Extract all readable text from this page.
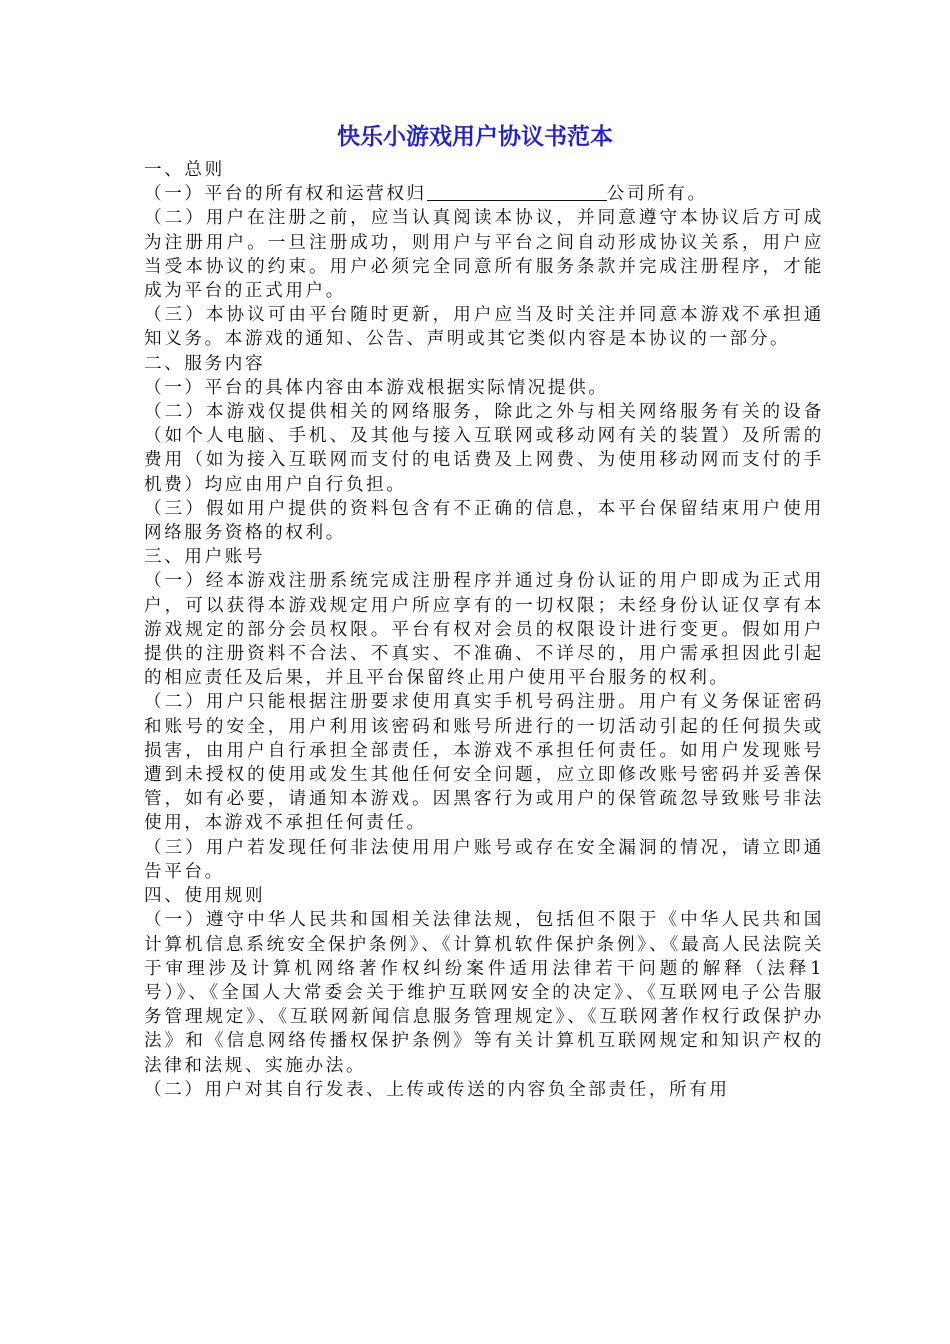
快乐小游戏用户协议书范本

一、总则

（一）平台的所有权和运营权归	公司所有。

（二）用户在注册之前，应当认真阅读本协议，并同意遵守本协议后方可成为注册用户。一旦注册成功，则用户与平台之间自动形成协议关系，用户应当受本协议的约束。用户必须完全同意所有服务条款并完成注册程序，才能成为平台的正式用户。

（三）本协议可由平台随时更新，用户应当及时关注并同意本游戏不承担通知义务。本游戏的通知、公告、声明或其它类似内容是本协议的一部分。

二、服务内容

（一）平台的具体内容由本游戏根据实际情况提供。

（二）本游戏仅提供相关的网络服务，除此之外与相关网络服务有关的设备（如个人电脑、手机、及其他与接入互联网或移动网有关的装置）及所需的费用（如为接入互联网而支付的电话费及上网费、为使用移动网而支付的手机费）均应由用户自行负担。

（三）假如用户提供的资料包含有不正确的信息，本平台保留结束用户使用网络服务资格的权利。

三、用户账号

（一）经本游戏注册系统完成注册程序并通过身份认证的用户即成为正式用户，可以获得本游戏规定用户所应享有的一切权限；未经身份认证仅享有本游戏规定的部分会员权限。平台有权对会员的权限设计进行变更。假如用户提供的注册资料不合法、不真实、不准确、不详尽的，用户需承担因此引起的相应责任及后果，并且平台保留终止用户使用平台服务的权利。

（二）用户只能根据注册要求使用真实手机号码注册。用户有义务保证密码和账号的安全，用户利用该密码和账号所进行的一切活动引起的任何损失或损害，由用户自行承担全部责任，本游戏不承担任何责任。如用户发现账号遭到未授权的使用或发生其他任何安全问题，应立即修改账号密码并妥善保管，如有必要，请通知本游戏。因黑客行为或用户的保管疏忽导致账号非法使用，本游戏不承担任何责任。

（三）用户若发现任何非法使用用户账号或存在安全漏洞的情况，请立即通告平台。

四、使用规则

（一）遵守中华人民共和国相关法律法规，包括但不限于《中华人民共和国计算机信息系统安全保护条例》、《计算机软件保护条例》、《最高人民法院关于审理涉及计算机网络著作权纠纷案件适用法律若干问题的解释（法释1号）》、《全国人大常委会关于维护互联网安全的决定》、《互联网电子公告服务管理规定》、《互联网新闻信息服务管理规定》、《互联网著作权行政保护办法》和《信息网络传播权保护条例》等有关计算机互联网规定和知识产权的法律和法规、实施办法。

（二）用户对其自行发表、上传或传送的内容负全部责任，所有用
